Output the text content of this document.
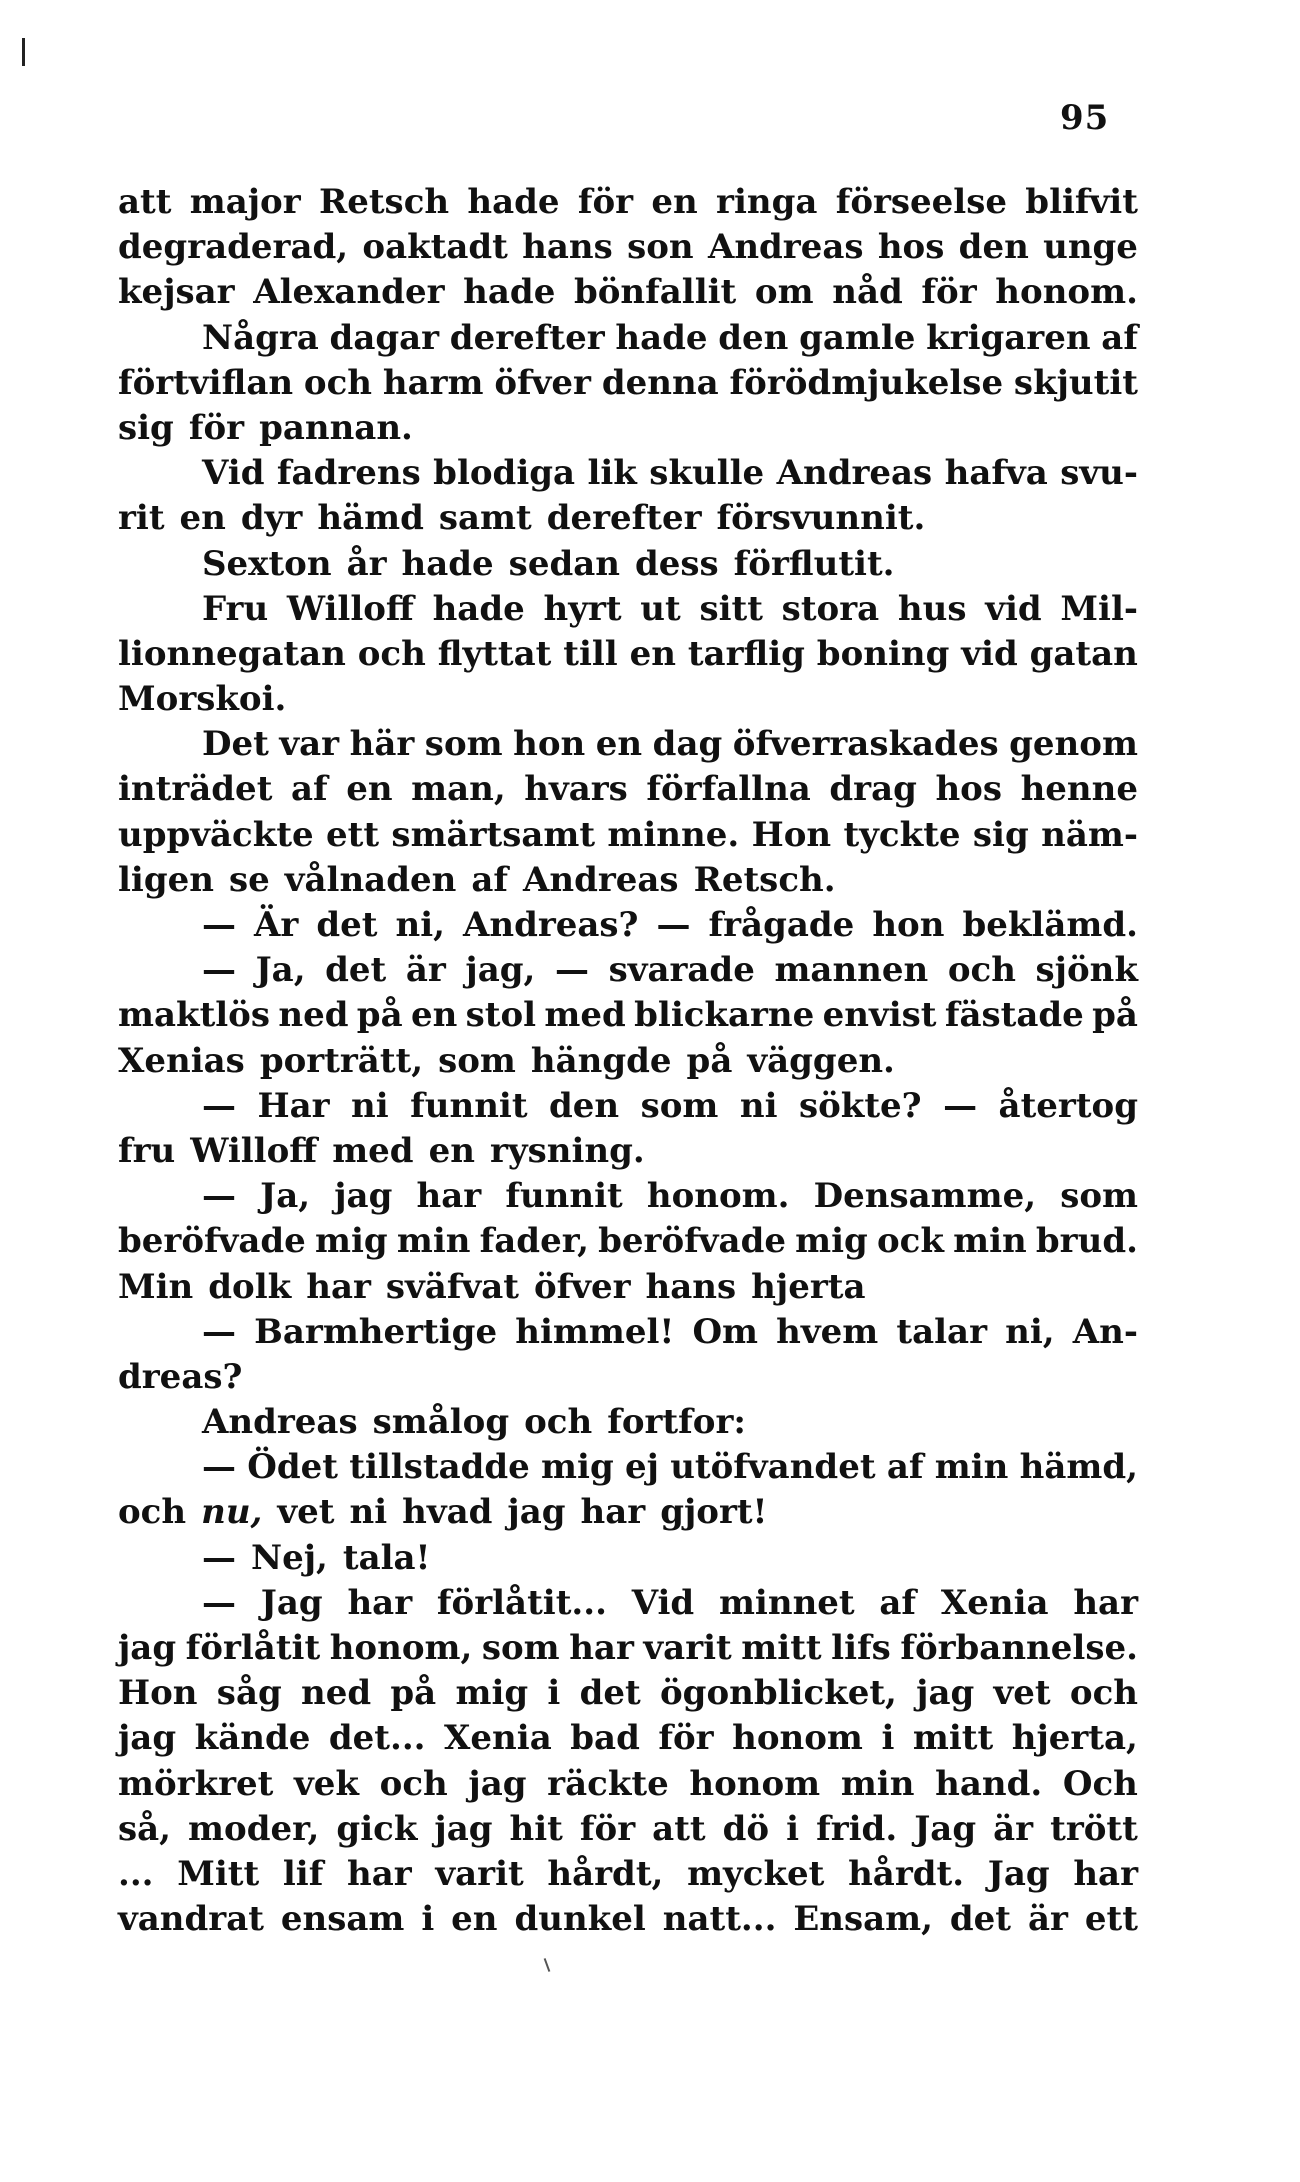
95
att major Retsch hade för en ringa förseelse blifvit
degraderad, oaktadt hans son Andreas hos den unge
kejsar Alexander hade bönfallit om nåd för honom.
Några dagar derefter hade den gamle krigaren af
förtviflan och harm öfver denna förödmjukelse skjutit
sig för pannan.
Vid fadrens blodiga lik skulle Andreas hafva svu-
rit en dyr hämd samt derefter försvunnit.
Sexton år hade sedan dess förflutit.
Fru Willoff hade hyrt ut sitt stora hus vid Mil-
lionnegatan och flyttat till en tarflig boning vid gatan
Morskoi.
Det var här som hon en dag öfverraskades genom
inträdet af en man, hvars förfallna drag hos henne
uppväckte ett smärtsamt minne. Hon tyckte sig näm-
ligen se vålnaden af Andreas Retsch.
— Är det ni, Andreas? — frågade hon beklämd.
— Ja, det är jag, — svarade mannen och sjönk
maktlös ned på en stol med blickarne envist fästade på
Xenias porträtt, som hängde på väggen.
— Har ni funnit den som ni sökte? — återtog
fru Willoff med en rysning.
— Ja, jag har funnit honom. Densamme, som
beröfvade mig min fader, beröfvade mig ock min brud.
Min dolk har sväfvat öfver hans hjerta
— Barmhertige himmel! Om hvem talar ni, An-
dreas?
Andreas smålog och fortfor:
— Ödet tillstadde mig ej utöfvandet af min hämd,
och nu, vet ni hvad jag har gjort!
— Nej, tala!
— Jag har förlåtit... Vid minnet af Xenia har
jag förlåtit honom, som har varit mitt lifs förbannelse.
Hon såg ned på mig i det ögonblicket, jag vet och
jag kände det... Xenia bad för honom i mitt hjerta,
mörkret vek och jag räckte honom min hand. Och
så, moder, gick jag hit för att dö i frid. Jag är trött
... Mitt lif har varit hårdt, mycket hårdt. Jag har
vandrat ensam i en dunkel natt... Ensam, det är ett
